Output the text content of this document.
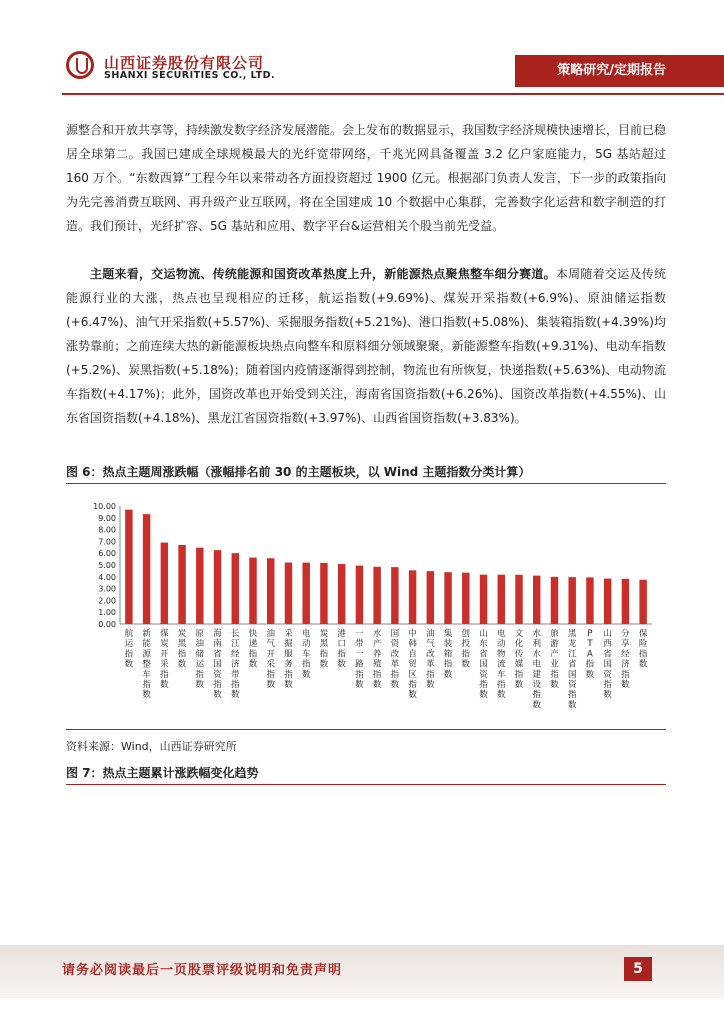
山西证券股份有限公司
SHANXI SECURITIES CO., LTD.	策略研究/定期报告

源整合和开放共享等，持续激发数字经济发展潜能。会上发布的数据显示，我国数字经济规模快速增长，目前已稳居全球第二。我国已建成全球规模最大的光纤宽带网络，千兆光网具备覆盖 3.2 亿户家庭能力，5G 基站超过 160 万个。“东数西算”工程今年以来带动各方面投资超过 1900 亿元。根据部门负责人发言，下一步的政策指向为先完善消费互联网、再升级产业互联网，将在全国建成 10 个数据中心集群，完善数字化运营和数字制造的打造。我们预计，光纤扩容、5G 基站和应用、数字平台&运营相关个股当前先受益。

主题来看，交运物流、传统能源和国资改革热度上升，新能源热点聚焦整车细分赛道。本周随着交运及传统能源行业的大涨，热点也呈现相应的迁移，航运指数(+9.69%)、煤炭开采指数(+6.9%)、原油储运指数(+6.47%)、油气开采指数(+5.57%)、采掘服务指数(+5.21%)、港口指数(+5.08%)、集装箱指数(+4.39%)均涨势靠前；之前连续大热的新能源板块热点向整车和原料细分领域聚聚，新能源整车指数(+9.31%)、电动车指数(+5.2%)、炭黑指数(+5.18%)；随着国内疫情逐渐得到控制，物流也有所恢复，快递指数(+5.63%)、电动物流车指数(+4.17%)；此外，国资改革也开始受到关注，海南省国资指数(+6.26%)、国资改革指数(+4.55%)、山东省国资指数(+4.18%)、黑龙江省国资指数(+3.97%)、山西省国资指数(+3.83%)。

图 6：热点主题周涨跌幅（涨幅排名前 30 的主题板块，以 Wind 主题指数分类计算）
0.00
1.00
2.00
3.00
4.00
5.00
6.00
7.00
8.00
9.00
10.00
航运指数
新能源整车指数
煤炭开采指数
炭黑指数
原油储运指数
海南省国资指数
长江经济带指数
快递指数
油气开采指数
采掘服务指数
电动车指数
炭黑指数
港口指数
一带一路指数
水产养殖指数
国资改革指数
中韩自贸区指数
油气改革指数
集装箱指数
创投指数
山东省国资指数
电动物流车指数
文化传媒指数
水利水电建设指数
旅游产业指数
黑龙江省国资指数
P T A 指数
山西省国资指数
分享经济指数
保险指数
资料来源：Wind，山西证券研究所
图 7：热点主题累计涨跌幅变化趋势
请务必阅读最后一页股票评级说明和免责声明	5
